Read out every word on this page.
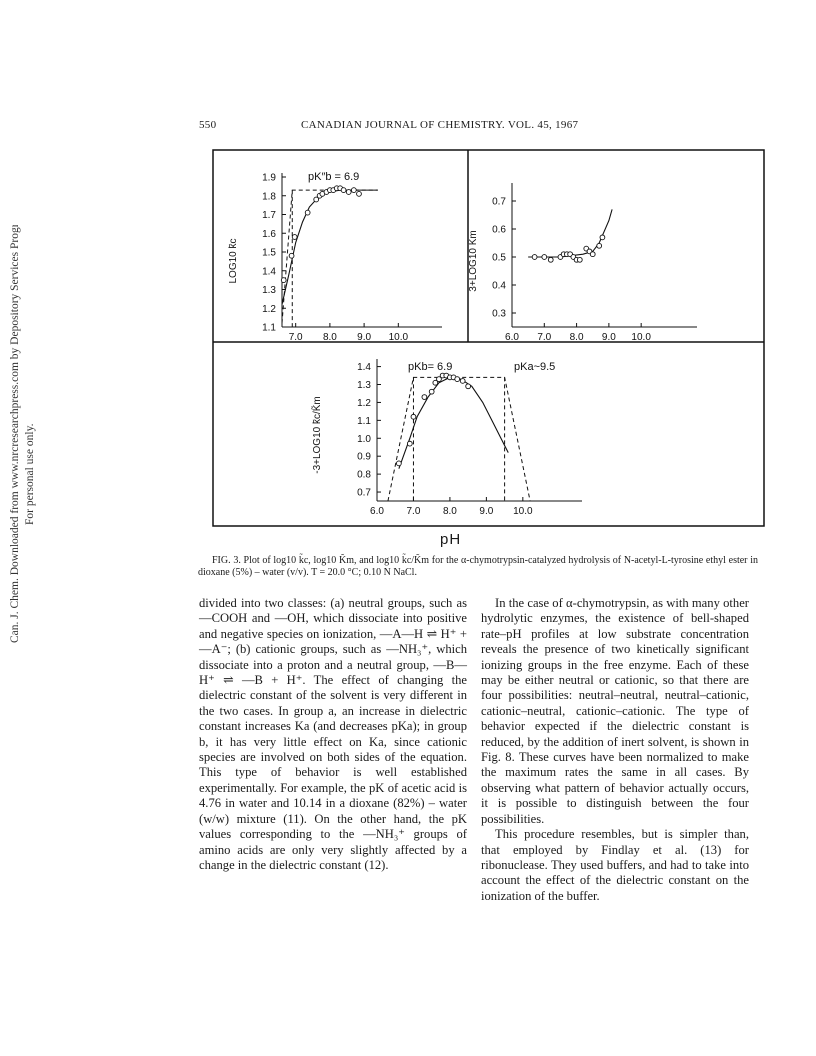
Can. J. Chem. Downloaded from www.nrcresearchpress.com by Depository Services Program on 11/12/14 For personal use only.
550	CANADIAN JOURNAL OF CHEMISTRY. VOL. 45, 1967
LOG10 k̃c
pK″b = 6.9
1.9
1.8
1.7
1.6
1.5
1.4
1.3
1.2
1.1
7.0 8.0 9.0 10.0
3+LOG10 K̃m
0.7
0.6
0.5
0.4
0.3
6.0 7.0 8.0 9.0 10.0
-3+LOG10 k̃c/K̃m
pKb= 6.9	pKa~9.5
1.4
1.3
1.2
1.1
1.0
0.9
0.8
0.7
6.0 7.0 8.0 9.0 10.0
pH

FIG. 3. Plot of log10 k̃c, log10 K̃m, and log10 k̃c/K̃m for the α-chymotrypsin-catalyzed hydrolysis of N-acetyl-L-tyrosine ethyl ester in dioxane (5%) – water (v/v). T = 20.0 °C; 0.10 N NaCl.

divided into two classes: (a) neutral groups, such as —COOH and —OH, which dissociate into positive and negative species on ionization, —A—H ⇌ H⁺ + —A⁻; (b) cationic groups, such as —NH₃⁺, which dissociate into a proton and a neutral group, —B—H⁺ ⇌ —B + H⁺. The effect of changing the dielectric constant of the solvent is very different in the two cases. In group a, an increase in dielectric constant increases Ka (and decreases pKa); in group b, it has very little effect on Ka, since cationic species are involved on both sides of the equation. This type of behavior is well established experimentally. For example, the pK of acetic acid is 4.76 in water and 10.14 in a dioxane (82%) – water (w/w) mixture (11). On the other hand, the pK values corresponding to the —NH₃⁺ groups of amino acids are only very slightly affected by a change in the dielectric constant (12).

In the case of α-chymotrypsin, as with many other hydrolytic enzymes, the existence of bell-shaped rate–pH profiles at low substrate concentration reveals the presence of two kinetically significant ionizing groups in the free enzyme. Each of these may be either neutral or cationic, so that there are four possibilities: neutral–neutral, neutral–cationic, cationic–neutral, cationic–cationic. The type of behavior expected if the dielectric constant is reduced, by the addition of inert solvent, is shown in Fig. 8. These curves have been normalized to make the maximum rates the same in all cases. By observing what pattern of behavior actually occurs, it is possible to distinguish between the four possibilities.

This procedure resembles, but is simpler than, that employed by Findlay et al. (13) for ribonuclease. They used buffers, and had to take into account the effect of the dielectric constant on the ionization of the buffer.
